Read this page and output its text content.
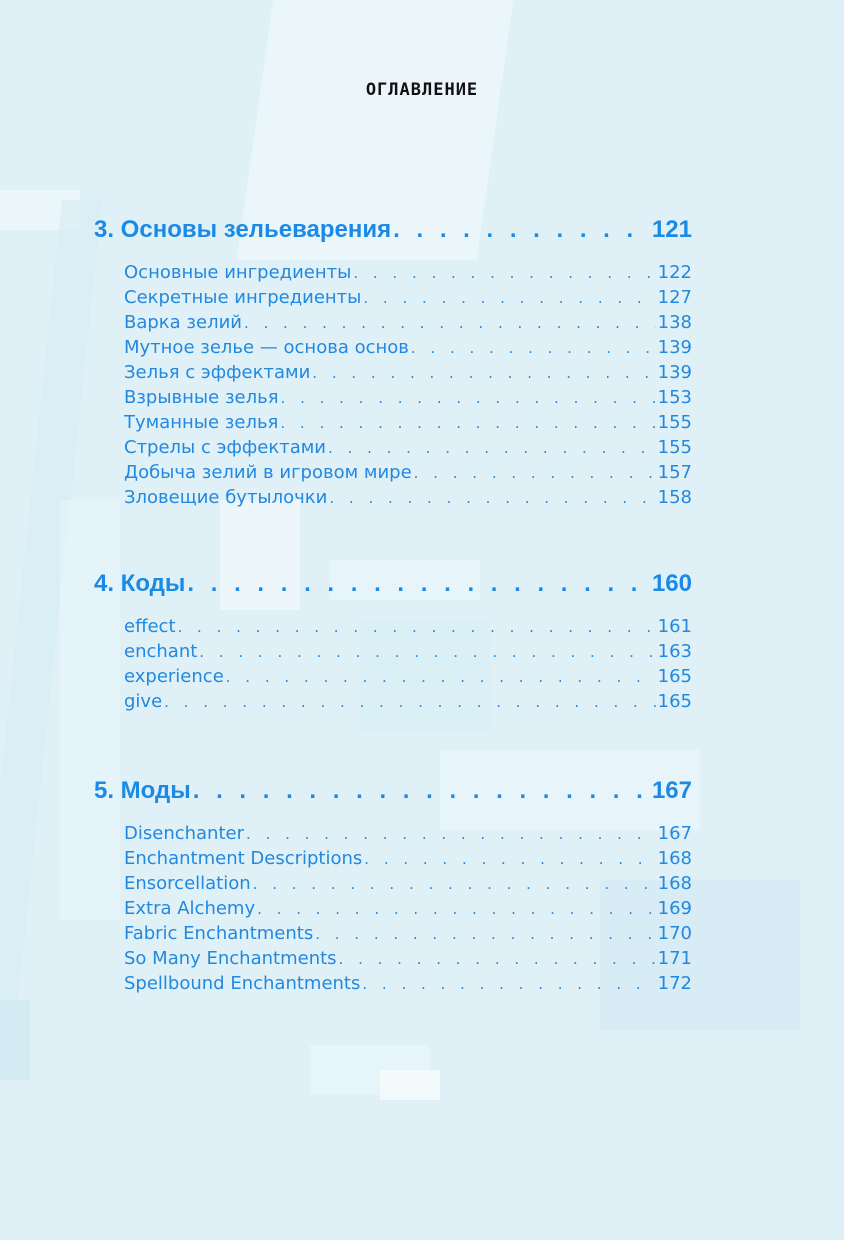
ОГЛАВЛЕНИЕ
3. Основы зельеварения . . .	121
Основные ингредиенты . . .	122
Секретные ингредиенты . . .	127
Варка зелий . . .	138
Мутное зелье — основа основ . . .	139
Зелья с эффектами . . .	139
Взрывные зелья . . .	153
Туманные зелья . . .	155
Стрелы с эффектами . . .	155
Добыча зелий в игровом мире . . .	157
Зловещие бутылочки . . .	158
4. Коды . . .	160
effect . . .	161
enchant . . .	163
experience . . .	165
give . . .	165
5. Моды . . .	167
Disenchanter . . .	167
Enchantment Descriptions . . .	168
Ensorcellation . . .	168
Extra Alchemy . . .	169
Fabric Enchantments . . .	170
So Many Enchantments . . .	171
Spellbound Enchantments . . .	172
